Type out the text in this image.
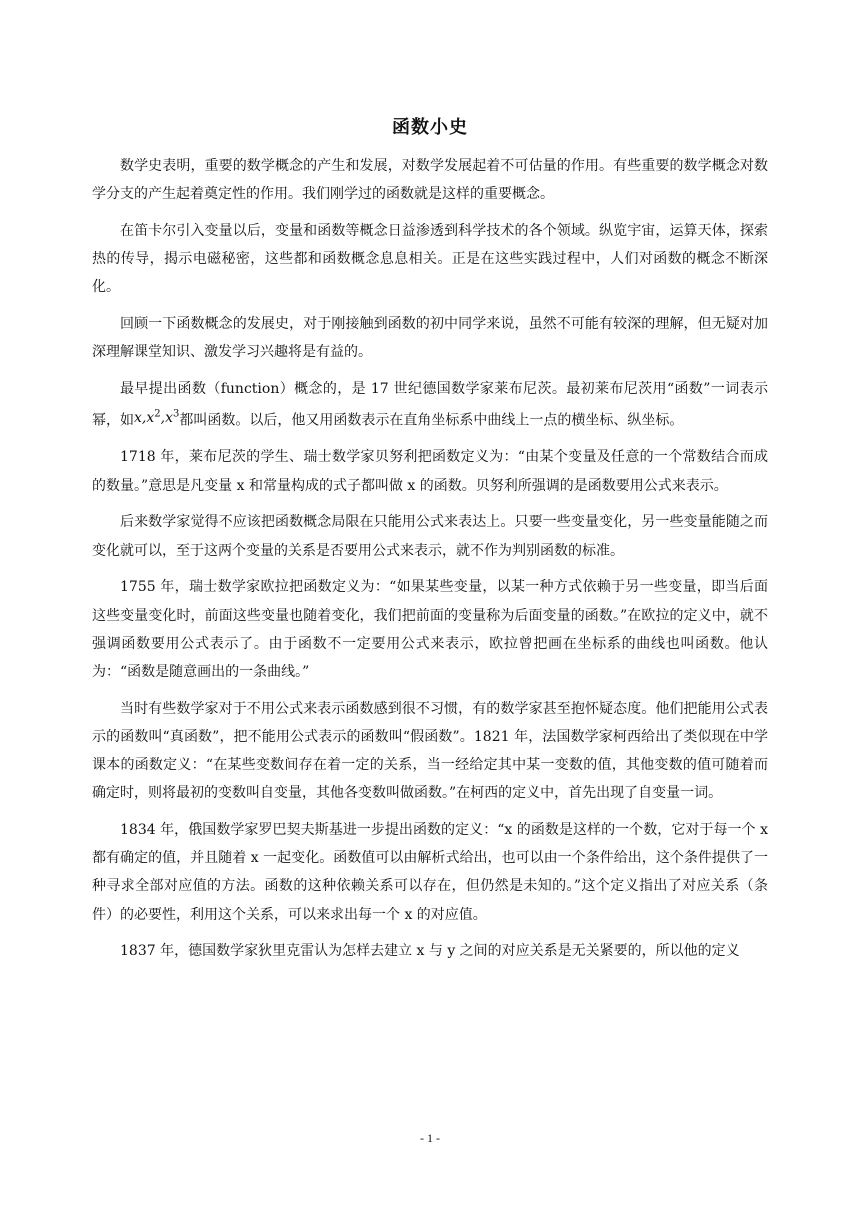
函数小史

数学史表明，重要的数学概念的产生和发展，对数学发展起着不可估量的作用。有些重要的数学概念对数学分支的产生起着奠定性的作用。我们刚学过的函数就是这样的重要概念。

在笛卡尔引入变量以后，变量和函数等概念日益渗透到科学技术的各个领域。纵览宇宙，运算天体，探索热的传导，揭示电磁秘密，这些都和函数概念息息相关。正是在这些实践过程中，人们对函数的概念不断深化。

回顾一下函数概念的发展史，对于刚接触到函数的初中同学来说，虽然不可能有较深的理解，但无疑对加深理解课堂知识、激发学习兴趣将是有益的。

最早提出函数（function）概念的，是 17 世纪德国数学家莱布尼茨。最初莱布尼茨用“函数”一词表示幂，如$x,x^2,x^3$都叫函数。以后，他又用函数表示在直角坐标系中曲线上一点的横坐标、纵坐标。

1718 年，莱布尼茨的学生、瑞士数学家贝努利把函数定义为：“由某个变量及任意的一个常数结合而成的数量。”意思是凡变量 x 和常量构成的式子都叫做 x 的函数。贝努利所强调的是函数要用公式来表示。

后来数学家觉得不应该把函数概念局限在只能用公式来表达上。只要一些变量变化，另一些变量能随之而变化就可以，至于这两个变量的关系是否要用公式来表示，就不作为判别函数的标准。

1755 年，瑞士数学家欧拉把函数定义为：“如果某些变量，以某一种方式依赖于另一些变量，即当后面这些变量变化时，前面这些变量也随着变化，我们把前面的变量称为后面变量的函数。”在欧拉的定义中，就不强调函数要用公式表示了。由于函数不一定要用公式来表示，欧拉曾把画在坐标系的曲线也叫函数。他认为：“函数是随意画出的一条曲线。”

当时有些数学家对于不用公式来表示函数感到很不习惯，有的数学家甚至抱怀疑态度。他们把能用公式表示的函数叫“真函数”，把不能用公式表示的函数叫“假函数”。1821 年，法国数学家柯西给出了类似现在中学课本的函数定义：“在某些变数间存在着一定的关系，当一经给定其中某一变数的值，其他变数的值可随着而确定时，则将最初的变数叫自变量，其他各变数叫做函数。”在柯西的定义中，首先出现了自变量一词。

1834 年，俄国数学家罗巴契夫斯基进一步提出函数的定义：“x 的函数是这样的一个数，它对于每一个 x 都有确定的值，并且随着 x 一起变化。函数值可以由解析式给出，也可以由一个条件给出，这个条件提供了一种寻求全部对应值的方法。函数的这种依赖关系可以存在，但仍然是未知的。”这个定义指出了对应关系（条件）的必要性，利用这个关系，可以来求出每一个 x 的对应值。

1837 年，德国数学家狄里克雷认为怎样去建立 x 与 y 之间的对应关系是无关紧要的，所以他的定义

- 1 -
